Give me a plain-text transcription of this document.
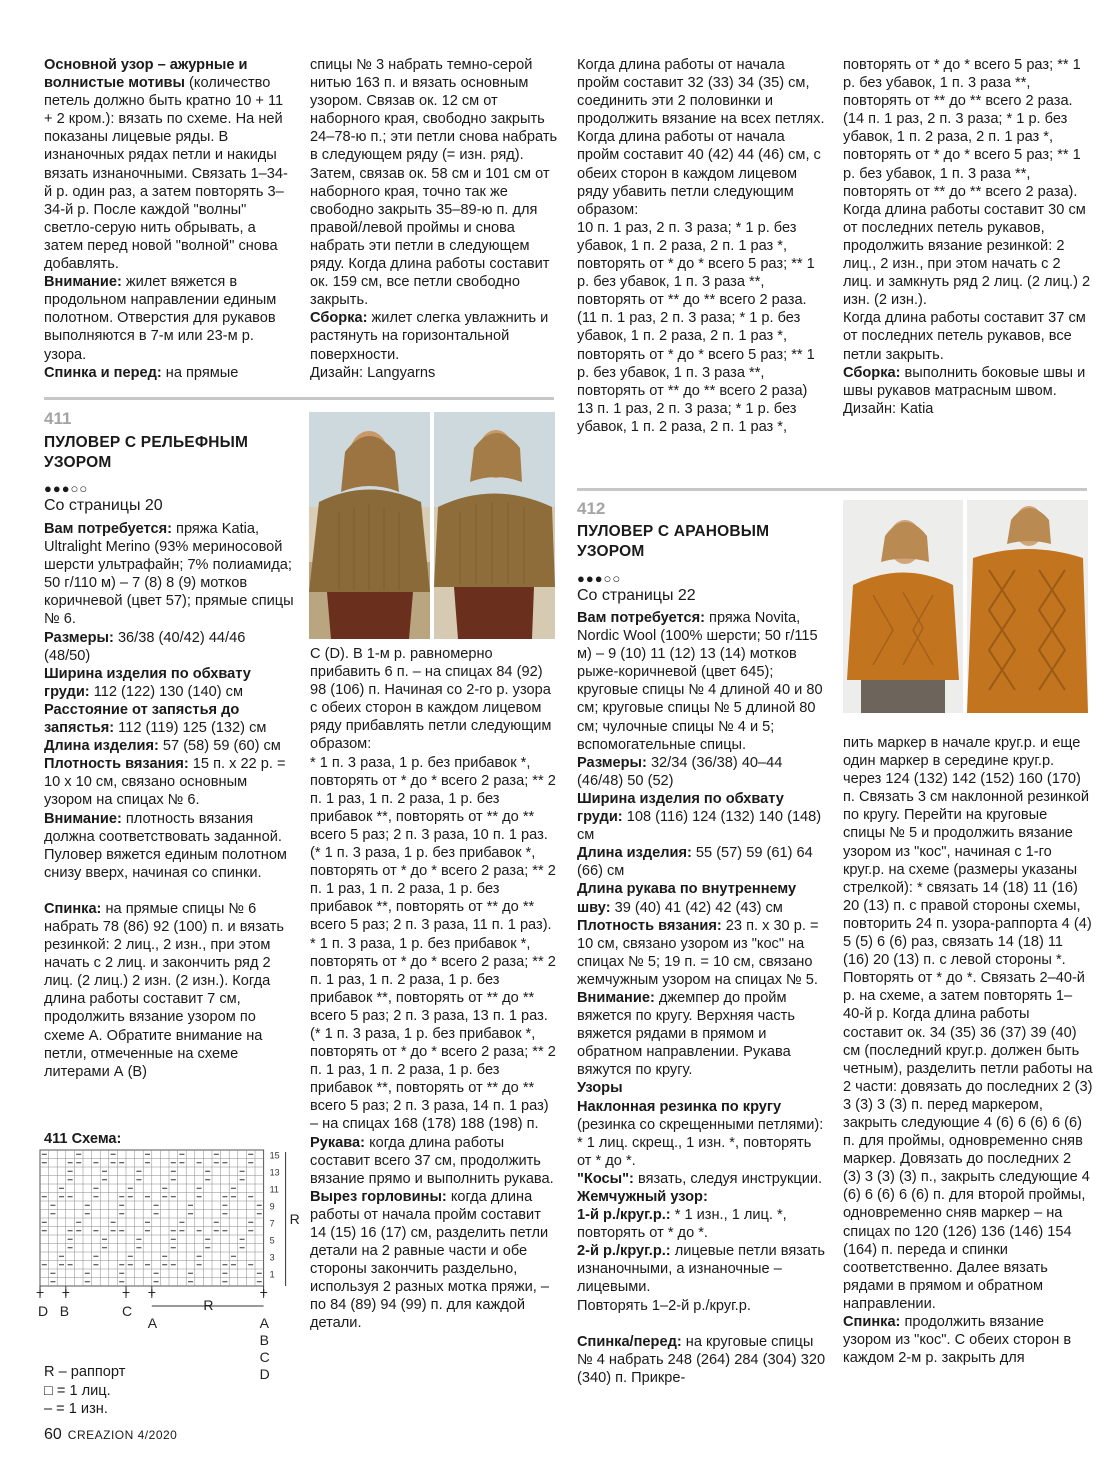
Основной узор – ажурные и волнистые мотивы (количество петель должно быть кратно 10 + 11 + 2 кром.): вязать по схеме. На ней показаны лицевые ряды. В изнаночных рядах петли и накиды вязать изнаночными. Связать 1–34-й р. один раз, а затем повторять 3–34-й р. После каждой "волны" светло-серую нить обрывать, а затем перед новой "волной" снова добавлять.

Внимание: жилет вяжется в продольном направлении единым полотном. Отверстия для рукавов выполняются в 7-м или 23-м р. узора.

Спинка и перед: на прямые

спицы № 3 набрать темно-серой нитью 163 п. и вязать основным узором. Связав ок. 12 см от наборного края, свободно закрыть 24–78-ю п.; эти петли снова набрать в следующем ряду (= изн. ряд). Затем, связав ок. 58 см и 101 см от наборного края, точно так же свободно закрыть 35–89-ю п. для правой/левой проймы и снова набрать эти петли в следующем ряду. Когда длина работы составит ок. 159 см, все петли свободно закрыть.

Сборка: жилет слегка увлажнить и растянуть на горизонтальной поверхности.

Дизайн: Langyarns

Когда длина работы от начала пройм составит 32 (33) 34 (35) см, соединить эти 2 половинки и продолжить вязание на всех петлях.

Когда длина работы от начала пройм составит 40 (42) 44 (46) см, с обеих сторон в каждом лицевом ряду убавить петли следующим образом:

10 п. 1 раз, 2 п. 3 раза; * 1 р. без убавок, 1 п. 2 раза, 2 п. 1 раз *, повторять от * до * всего 5 раз; ** 1 р. без убавок, 1 п. 3 раза **, повторять от ** до ** всего 2 раза. (11 п. 1 раз, 2 п. 3 раза; * 1 р. без убавок, 1 п. 2 раза, 2 п. 1 раз *, повторять от * до * всего 5 раз; ** 1 р. без убавок, 1 п. 3 раза **, повторять от ** до ** всего 2 раза)

13 п. 1 раз, 2 п. 3 раза; * 1 р. без убавок, 1 п. 2 раза, 2 п. 1 раз *,

повторять от * до * всего 5 раз; ** 1 р. без убавок, 1 п. 3 раза **, повторять от ** до ** всего 2 раза.

(14 п. 1 раз, 2 п. 3 раза; * 1 р. без убавок, 1 п. 2 раза, 2 п. 1 раз *, повторять от * до * всего 5 раз; ** 1 р. без убавок, 1 п. 3 раза **, повторять от ** до ** всего 2 раза).

Когда длина работы составит 30 см от последних петель рукавов, продолжить вязание резинкой: 2 лиц., 2 изн., при этом начать с 2 лиц. и замкнуть ряд 2 лиц. (2 лиц.) 2 изн. (2 изн.).

Когда длина работы составит 37 см от последних петель рукавов, все петли закрыть.

Сборка: выполнить боковые швы и швы рукавов матрасным швом.

Дизайн: Katia

411
ПУЛОВЕР С РЕЛЬЕФНЫМ УЗОРОМ
●●●○○
Со страницы 20

Вам потребуется: пряжа Katia, Ultralight Merino (93% мериносовой шерсти ультрафайн; 7% полиамида; 50 г/110 м) – 7 (8) 8 (9) мотков коричневой (цвет 57); прямые спицы № 6.

Размеры: 36/38 (40/42) 44/46 (48/50)

Ширина изделия по обхвату груди: 112 (122) 130 (140) см

Расстояние от запястья до запястья: 112 (119) 125 (132) см

Длина изделия: 57 (58) 59 (60) см

Плотность вязания: 15 п. x 22 р. = 10 x 10 см, связано основным узором на спицах № 6.

Внимание: плотность вязания должна соответствовать заданной. Пуловер вяжется единым полотном снизу вверх, начиная со спинки.

Спинка: на прямые спицы № 6 набрать 78 (86) 92 (100) п. и вязать резинкой: 2 лиц., 2 изн., при этом начать с 2 лиц. и закончить ряд 2 лиц. (2 лиц.) 2 изн. (2 изн.). Когда длина работы составит 7 см, продолжить вязание узором по схеме А. Обратите внимание на петли, отмеченные на схеме литерами А (В)

С (D). В 1-м р. равномерно прибавить 6 п. – на спицах 84 (92) 98 (106) п. Начиная со 2-го р. узора с обеих сторон в каждом лицевом ряду прибавлять петли следующим образом:

* 1 п. 3 раза, 1 р. без прибавок *, повторять от * до * всего 2 раза; ** 2 п. 1 раз, 1 п. 2 раза, 1 р. без прибавок **, повторять от ** до ** всего 5 раз; 2 п. 3 раза, 10 п. 1 раз.

(* 1 п. 3 раза, 1 р. без прибавок *, повторять от * до * всего 2 раза; ** 2 п. 1 раз, 1 п. 2 раза, 1 р. без прибавок **, повторять от ** до ** всего 5 раз; 2 п. 3 раза, 11 п. 1 раз).

* 1 п. 3 раза, 1 р. без прибавок *, повторять от * до * всего 2 раза; ** 2 п. 1 раз, 1 п. 2 раза, 1 р. без прибавок **, повторять от ** до ** всего 5 раз; 2 п. 3 раза, 13 п. 1 раз.

(* 1 п. 3 раза, 1 р. без прибавок *, повторять от * до * всего 2 раза; ** 2 п. 1 раз, 1 п. 2 раза, 1 р. без прибавок **, повторять от ** до ** всего 5 раз; 2 п. 3 раза, 14 п. 1 раз) – на спицах 168 (178) 188 (198) п.

Рукава: когда длина работы составит всего 37 см, продолжить вязание прямо и выполнить рукава.

Вырез горловины: когда длина работы от начала пройм составит 14 (15) 16 (17) см, разделить петли детали на 2 равные части и обе стороны закончить раздельно, используя 2 разных мотка пряжи, – по 84 (89) 94 (99) п. для каждой детали.

411 Схема:
15
13
11
9
7
5
3
1
R
+ +	+ +	+
D B	C
A
R
A
B
C
D

R – раппорт

□ = 1 лиц.

– = 1 изн.

412
ПУЛОВЕР С АРАНОВЫМ УЗОРОМ
●●●○○
Со страницы 22

Вам потребуется: пряжа Novita, Nordic Wool (100% шерсти; 50 г/115 м) – 9 (10) 11 (12) 13 (14) мотков рыже-коричневой (цвет 645); круговые спицы № 4 длиной 40 и 80 см; круговые спицы № 5 длиной 80 см; чулочные спицы № 4 и 5; вспомогательные спицы.

Размеры: 32/34 (36/38) 40–44 (46/48) 50 (52)

Ширина изделия по обхвату груди: 108 (116) 124 (132) 140 (148) см

Длина изделия: 55 (57) 59 (61) 64 (66) см

Длина рукава по внутреннему шву: 39 (40) 41 (42) 42 (43) см

Плотность вязания: 23 п. x 30 р. = 10 см, связано узором из "кос" на спицах № 5; 19 п. = 10 см, связано жемчужным узором на спицах № 5.

Внимание: джемпер до пройм вяжется по кругу. Верхняя часть вяжется рядами в прямом и обратном направлении. Рукава вяжутся по кругу.

Узоры

Наклонная резинка по кругу (резинка со скрещенными петлями): * 1 лиц. скрещ., 1 изн. *, повторять от * до *.

"Косы": вязать, следуя инструкции.

Жемчужный узор:

1-й р./круг.р.: * 1 изн., 1 лиц. *, повторять от * до *.

2-й р./круг.р.: лицевые петли вязать изнаночными, а изнаночные – лицевыми.

Повторять 1–2-й р./круг.р.

Спинка/перед: на круговые спицы № 4 набрать 248 (264) 284 (304) 320 (340) п. Прикре-

пить маркер в начале круг.р. и еще один маркер в середине круг.р. через 124 (132) 142 (152) 160 (170) п. Связать 3 см наклонной резинкой по кругу. Перейти на круговые спицы № 5 и продолжить вязание узором из "кос", начиная с 1-го круг.р. на схеме (размеры указаны стрелкой): * связать 14 (18) 11 (16) 20 (13) п. с правой стороны схемы, повторить 24 п. узора-раппорта 4 (4) 5 (5) 6 (6) раз, связать 14 (18) 11 (16) 20 (13) п. с левой стороны *. Повторять от * до *. Связать 2–40-й р. на схеме, а затем повторять 1–40-й р. Когда длина работы составит ок. 34 (35) 36 (37) 39 (40) см (последний круг.р. должен быть четным), разделить петли работы на 2 части: довязать до последних 2 (3) 3 (3) 3 (3) п. перед маркером, закрыть следующие 4 (6) 6 (6) 6 (6) п. для проймы, одновременно сняв маркер. Довязать до последних 2 (3) 3 (3) (3) п., закрыть следующие 4 (6) 6 (6) 6 (6) п. для второй проймы, одновременно сняв маркер – на спицах по 120 (126) 136 (146) 154 (164) п. переда и спинки соответственно. Далее вязать рядами в прямом и обратном направлении.

Спинка: продолжить вязание узором из "кос". С обеих сторон в каждом 2-м р. закрыть для

60 CREAZION 4/2020
